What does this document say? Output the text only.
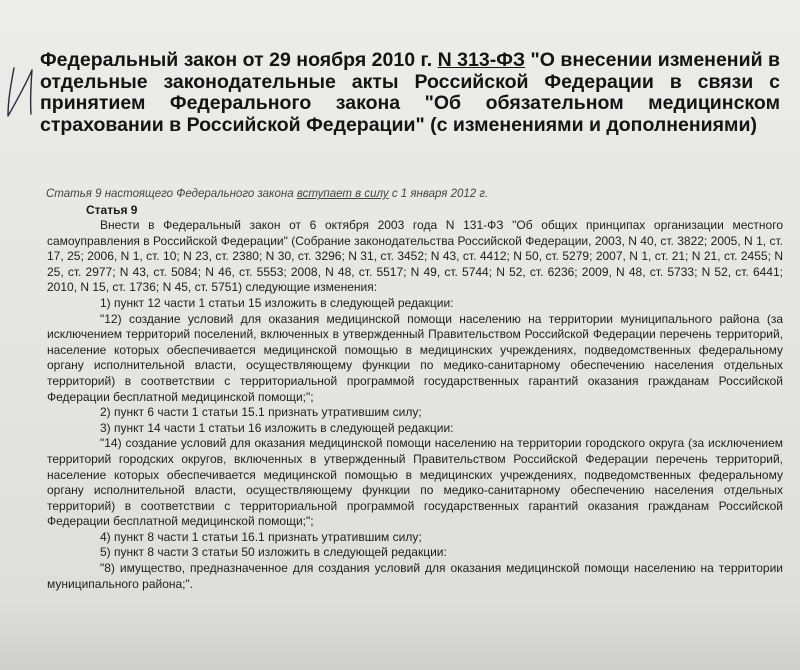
Федеральный закон от 29 ноября 2010 г. N 313-ФЗ "О внесении изменений в отдельные законодательные акты Российской Федерации в связи с принятием Федерального закона "Об обязательном медицинском страховании в Российской Федерации" (с изменениями и дополнениями)
Статья 9 настоящего Федерального закона вступает в силу с 1 января 2012 г.
Статья 9

Внести в Федеральный закон от 6 октября 2003 года N 131-ФЗ "Об общих принципах организации местного самоуправления в Российской Федерации" (Собрание законодательства Российской Федерации, 2003, N 40, ст. 3822; 2005, N 1, ст. 17, 25; 2006, N 1, ст. 10; N 23, ст. 2380; N 30, ст. 3296; N 31, ст. 3452; N 43, ст. 4412; N 50, ст. 5279; 2007, N 1, ст. 21; N 21, ст. 2455; N 25, ст. 2977; N 43, ст. 5084; N 46, ст. 5553; 2008, N 48, ст. 5517; N 49, ст. 5744; N 52, ст. 6236; 2009, N 48, ст. 5733; N 52, ст. 6441; 2010, N 15, ст. 1736; N 45, ст. 5751) следующие изменения:

1) пункт 12 части 1 статьи 15 изложить в следующей редакции:

"12) создание условий для оказания медицинской помощи населению на территории муниципального района (за исключением территорий поселений, включенных в утвержденный Правительством Российской Федерации перечень территорий, население которых обеспечивается медицинской помощью в медицинских учреждениях, подведомственных федеральному органу исполнительной власти, осуществляющему функции по медико-санитарному обеспечению населения отдельных территорий) в соответствии с территориальной программой государственных гарантий оказания гражданам Российской Федерации бесплатной медицинской помощи;";

2) пункт 6 части 1 статьи 15.1 признать утратившим силу;

3) пункт 14 части 1 статьи 16 изложить в следующей редакции:

"14) создание условий для оказания медицинской помощи населению на территории городского округа (за исключением территорий городских округов, включенных в утвержденный Правительством Российской Федерации перечень территорий, население которых обеспечивается медицинской помощью в медицинских учреждениях, подведомственных федеральному органу исполнительной власти, осуществляющему функции по медико-санитарному обеспечению населения отдельных территорий) в соответствии с территориальной программой государственных гарантий оказания гражданам Российской Федерации бесплатной медицинской помощи;";

4) пункт 8 части 1 статьи 16.1 признать утратившим силу;

5) пункт 8 части 3 статьи 50 изложить в следующей редакции:

"8) имущество, предназначенное для создания условий для оказания медицинской помощи населению на территории муниципального района;".
